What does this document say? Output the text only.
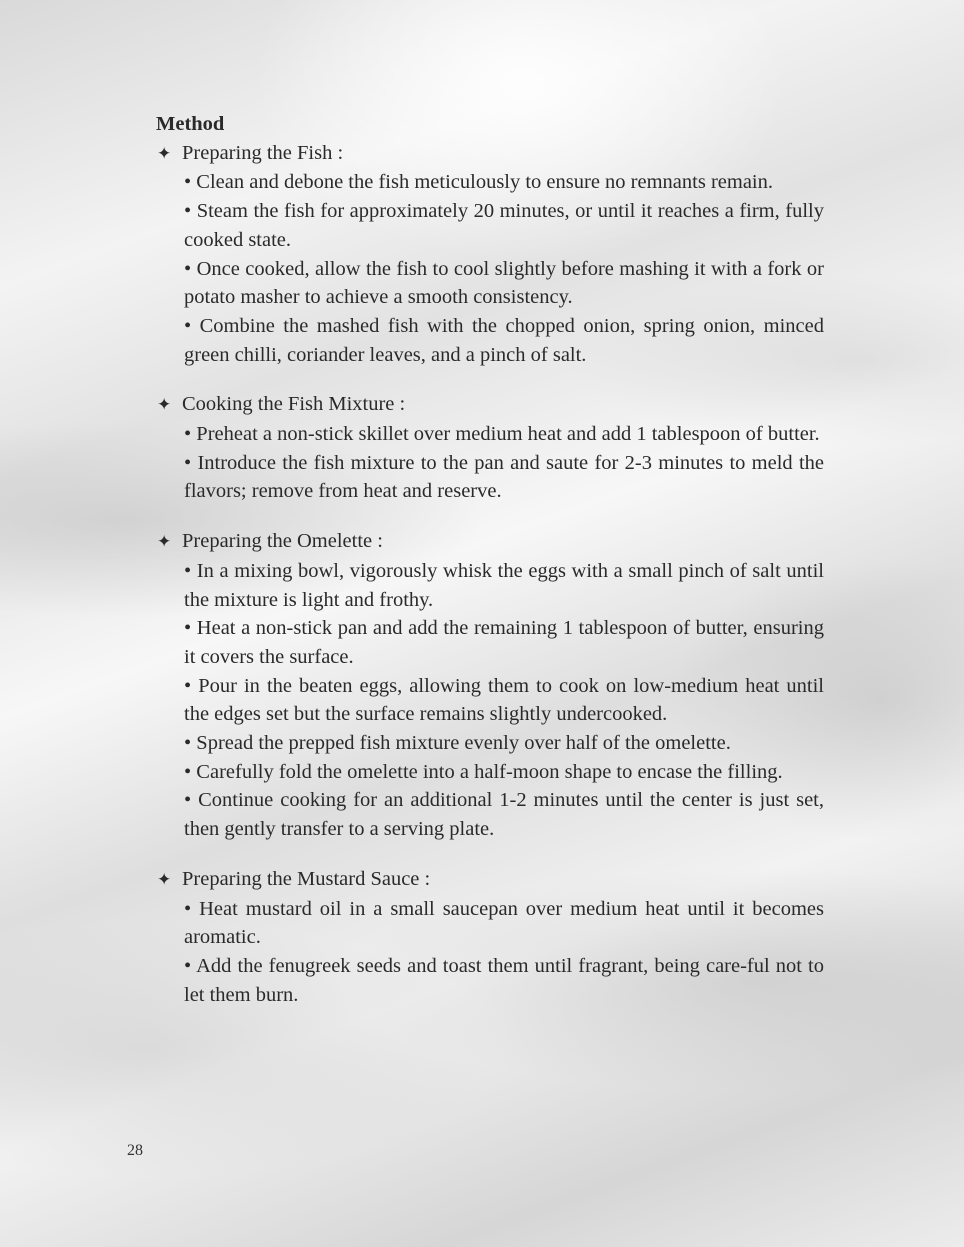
Method
✦ Preparing the Fish :
• Clean and debone the fish meticulously to ensure no remnants remain.
• Steam the fish for approximately 20 minutes, or until it reaches a firm, fully cooked state.
• Once cooked, allow the fish to cool slightly before mashing it with a fork or potato masher to achieve a smooth consistency.
• Combine the mashed fish with the chopped onion, spring onion, minced green chilli, coriander leaves, and a pinch of salt.
✦ Cooking the Fish Mixture :
• Preheat a non-stick skillet over medium heat and add 1 tablespoon of butter.
• Introduce the fish mixture to the pan and saute for 2-3 minutes to meld the flavors; remove from heat and reserve.
✦ Preparing the Omelette :
• In a mixing bowl, vigorously whisk the eggs with a small pinch of salt until the mixture is light and frothy.
• Heat a non-stick pan and add the remaining 1 tablespoon of butter, ensuring it covers the surface.
• Pour in the beaten eggs, allowing them to cook on low-medium heat until the edges set but the surface remains slightly undercooked.
• Spread the prepped fish mixture evenly over half of the omelette.
• Carefully fold the omelette into a half-moon shape to encase the filling.
• Continue cooking for an additional 1-2 minutes until the center is just set, then gently transfer to a serving plate.
✦ Preparing the Mustard Sauce :
• Heat mustard oil in a small saucepan over medium heat until it becomes aromatic.
• Add the fenugreek seeds and toast them until fragrant, being care-ful not to let them burn.
28
